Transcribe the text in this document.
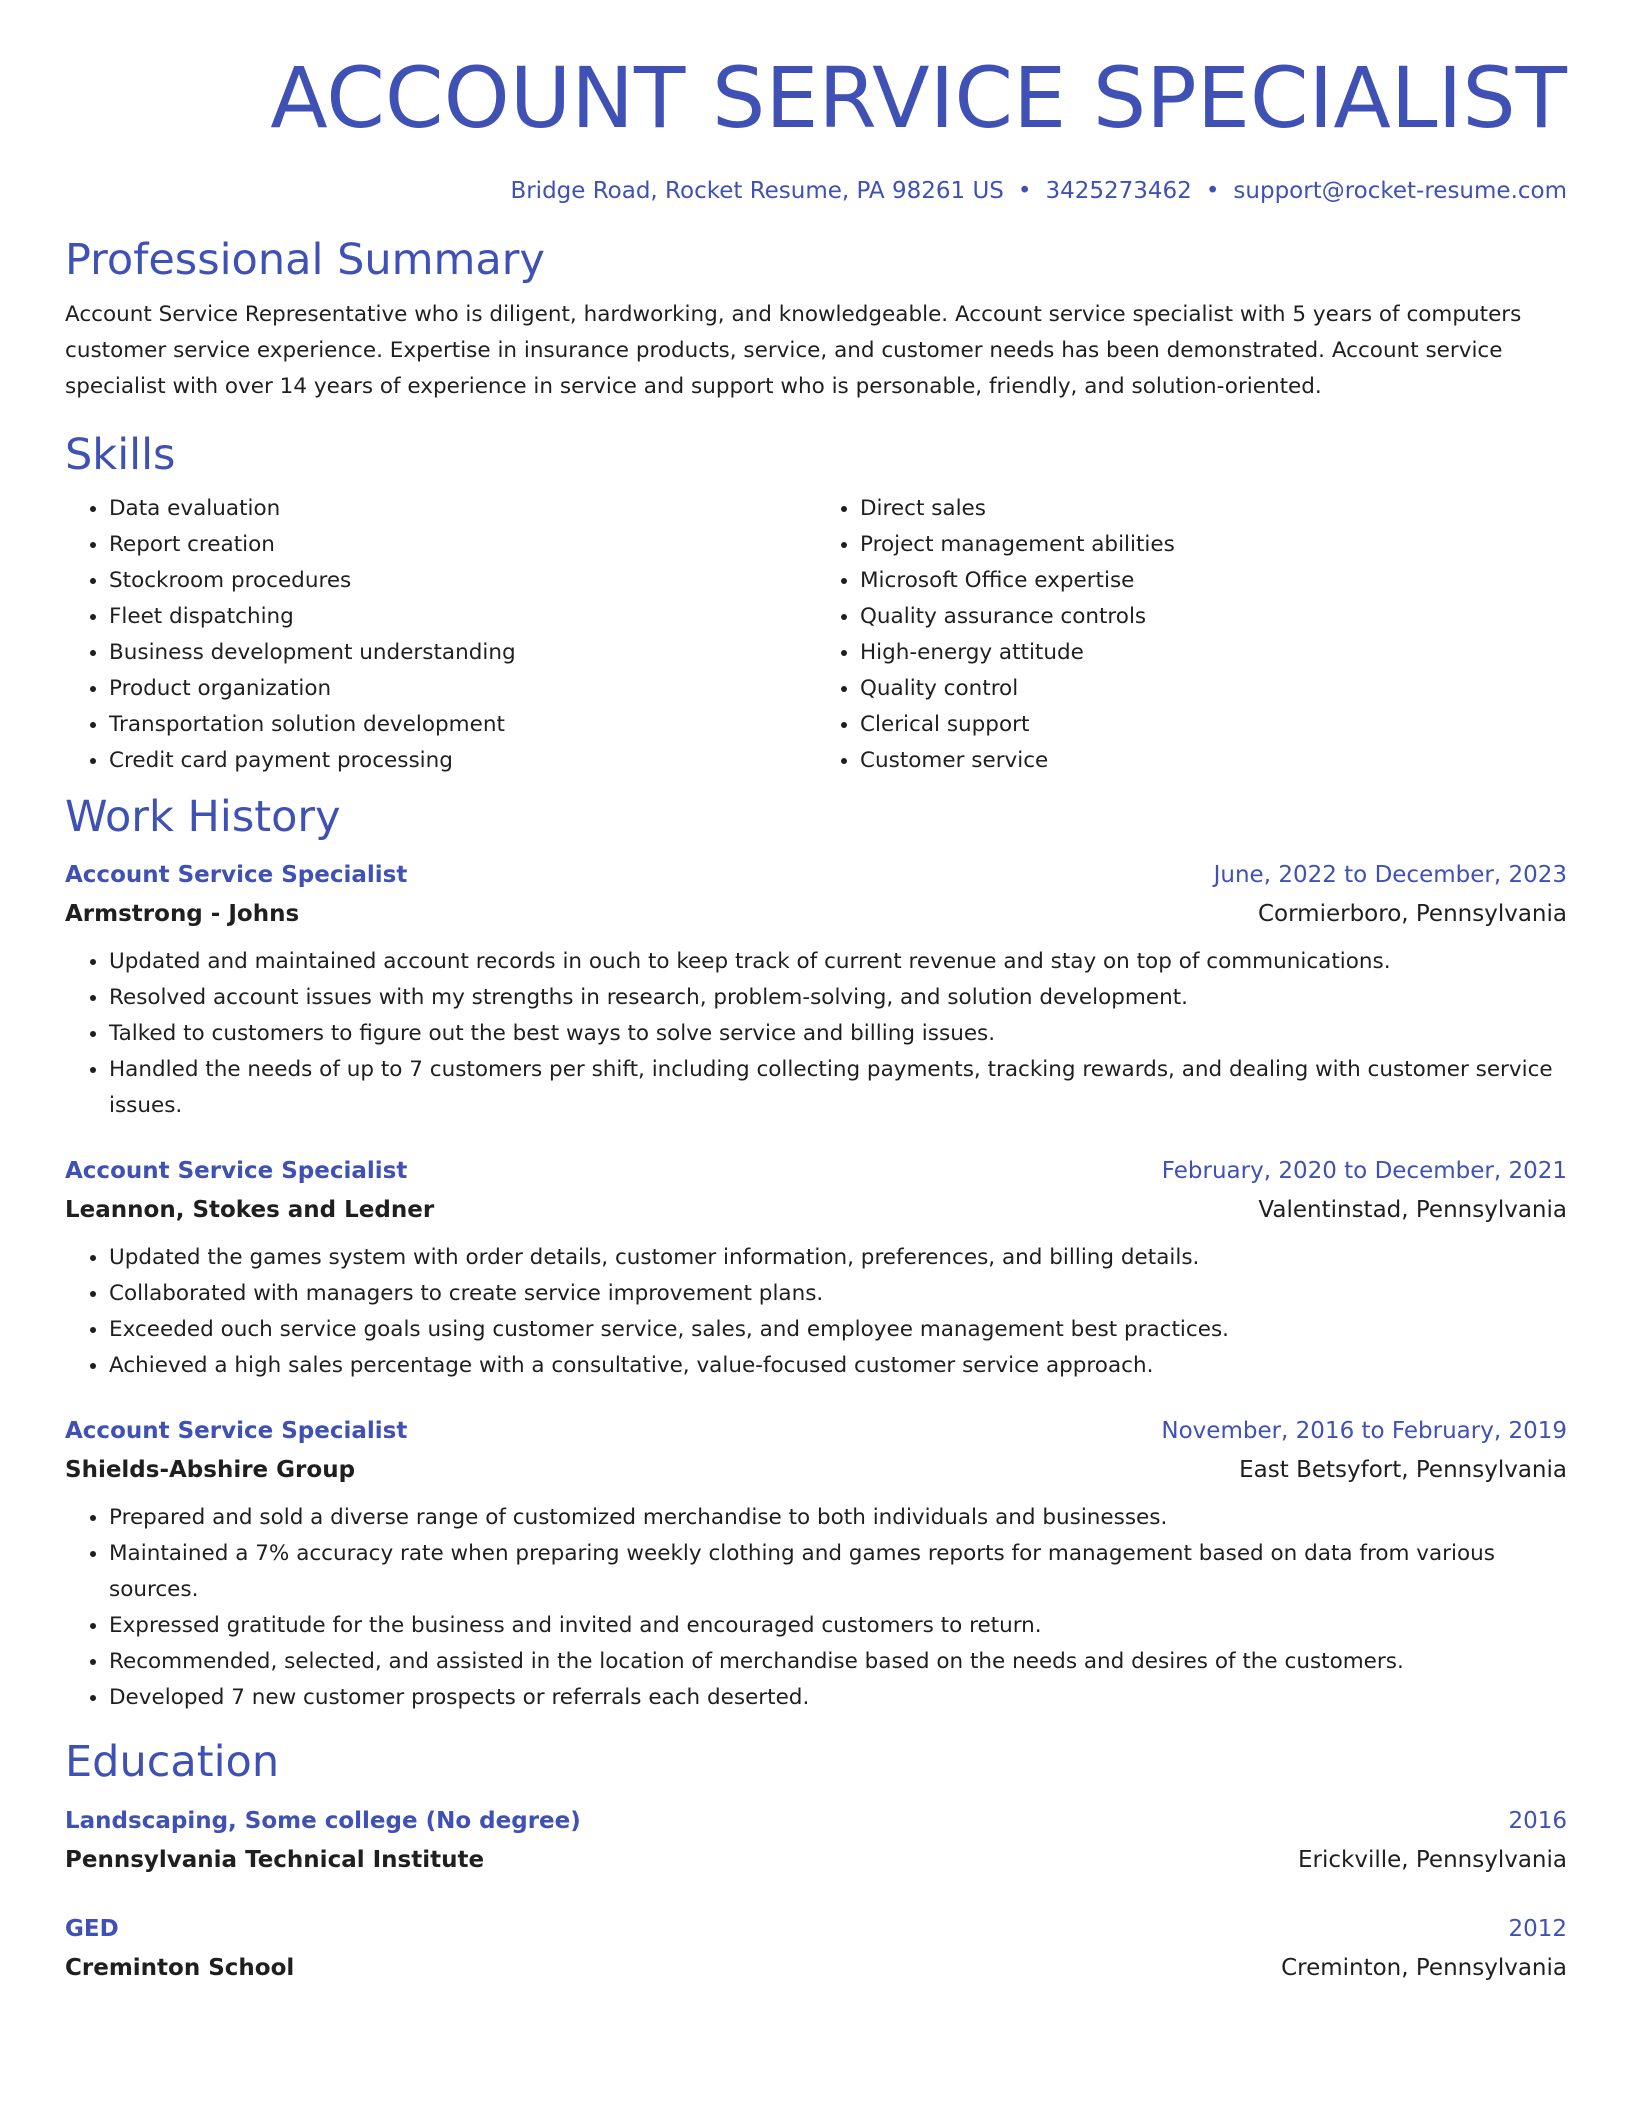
ACCOUNT SERVICE SPECIALIST
Bridge Road, Rocket Resume, PA 98261 US • 3425273462 • support@rocket-resume.com
Professional Summary

Account Service Representative who is diligent, hardworking, and knowledgeable. Account service specialist with 5 years of computers customer service experience. Expertise in insurance products, service, and customer needs has been demonstrated. Account service specialist with over 14 years of experience in service and support who is personable, friendly, and solution-oriented.

Skills
• Data evaluation
• Report creation
• Stockroom procedures
• Fleet dispatching
• Business development understanding
• Product organization
• Transportation solution development
• Credit card payment processing
• Direct sales
• Project management abilities
• Microsoft Office expertise
• Quality assurance controls
• High-energy attitude
• Quality control
• Clerical support
• Customer service
Work History
Account Service Specialist	June, 2022 to December, 2023
Armstrong - Johns	Cormierboro, Pennsylvania
• Updated and maintained account records in ouch to keep track of current revenue and stay on top of communications.
• Resolved account issues with my strengths in research, problem-solving, and solution development.
• Talked to customers to figure out the best ways to solve service and billing issues.
• Handled the needs of up to 7 customers per shift, including collecting payments, tracking rewards, and dealing with customer service issues.
Account Service Specialist	February, 2020 to December, 2021
Leannon, Stokes and Ledner	Valentinstad, Pennsylvania
• Updated the games system with order details, customer information, preferences, and billing details.
• Collaborated with managers to create service improvement plans.
• Exceeded ouch service goals using customer service, sales, and employee management best practices.
• Achieved a high sales percentage with a consultative, value-focused customer service approach.
Account Service Specialist	November, 2016 to February, 2019
Shields-Abshire Group	East Betsyfort, Pennsylvania
• Prepared and sold a diverse range of customized merchandise to both individuals and businesses.
• Maintained a 7% accuracy rate when preparing weekly clothing and games reports for management based on data from various sources.
• Expressed gratitude for the business and invited and encouraged customers to return.
• Recommended, selected, and assisted in the location of merchandise based on the needs and desires of the customers.
• Developed 7 new customer prospects or referrals each deserted.
Education
Landscaping, Some college (No degree)	2016
Pennsylvania Technical Institute	Erickville, Pennsylvania
GED	2012
Creminton School	Creminton, Pennsylvania
